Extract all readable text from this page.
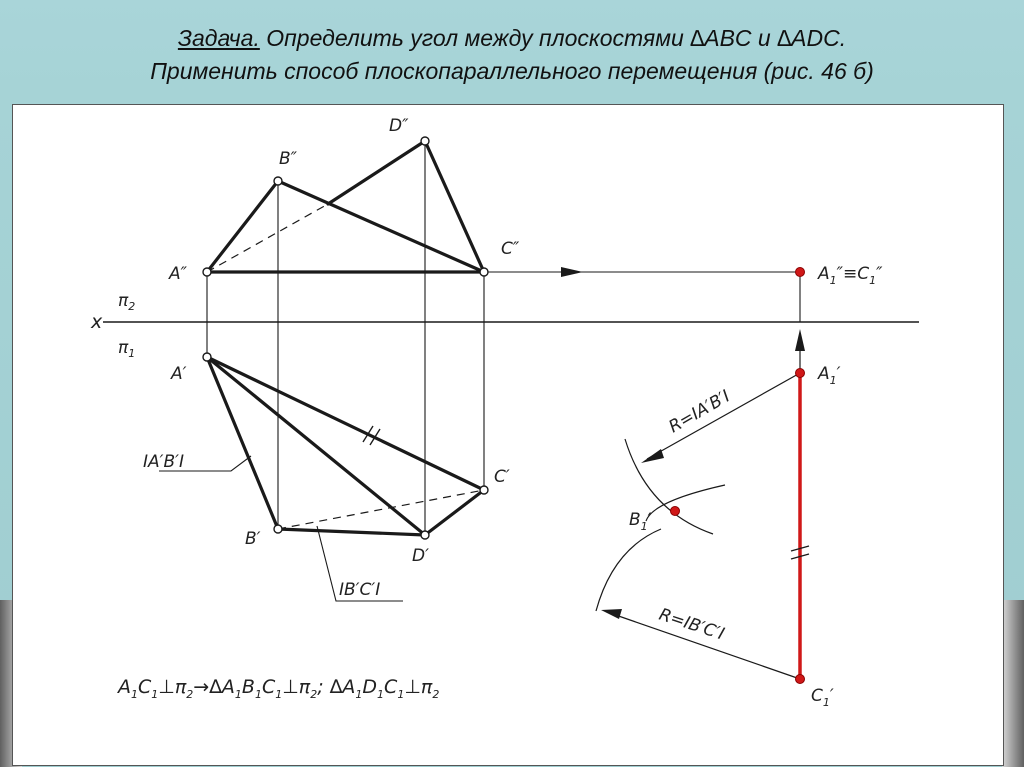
Задача. Определить угол между плоскостями ∆ABC и ∆ADC.
Применить способ плоскопараллельного перемещения (рис. 46 б)
D″
B″
A″
C″
$A_1''\equiv C_1''$
x
$\pi_2$
$\pi_1$
A′	$A_1'$
R=IA′B′I
IA′B′I
C′
$B_1'$
B′
D′
IB′C′I
R=IB′C′I
$C_1'$
$A_1C_1\perp\pi_2\to\Delta A_1B_1C_1\perp\pi_2$; $\Delta A_1D_1C_1\perp\pi_2$
